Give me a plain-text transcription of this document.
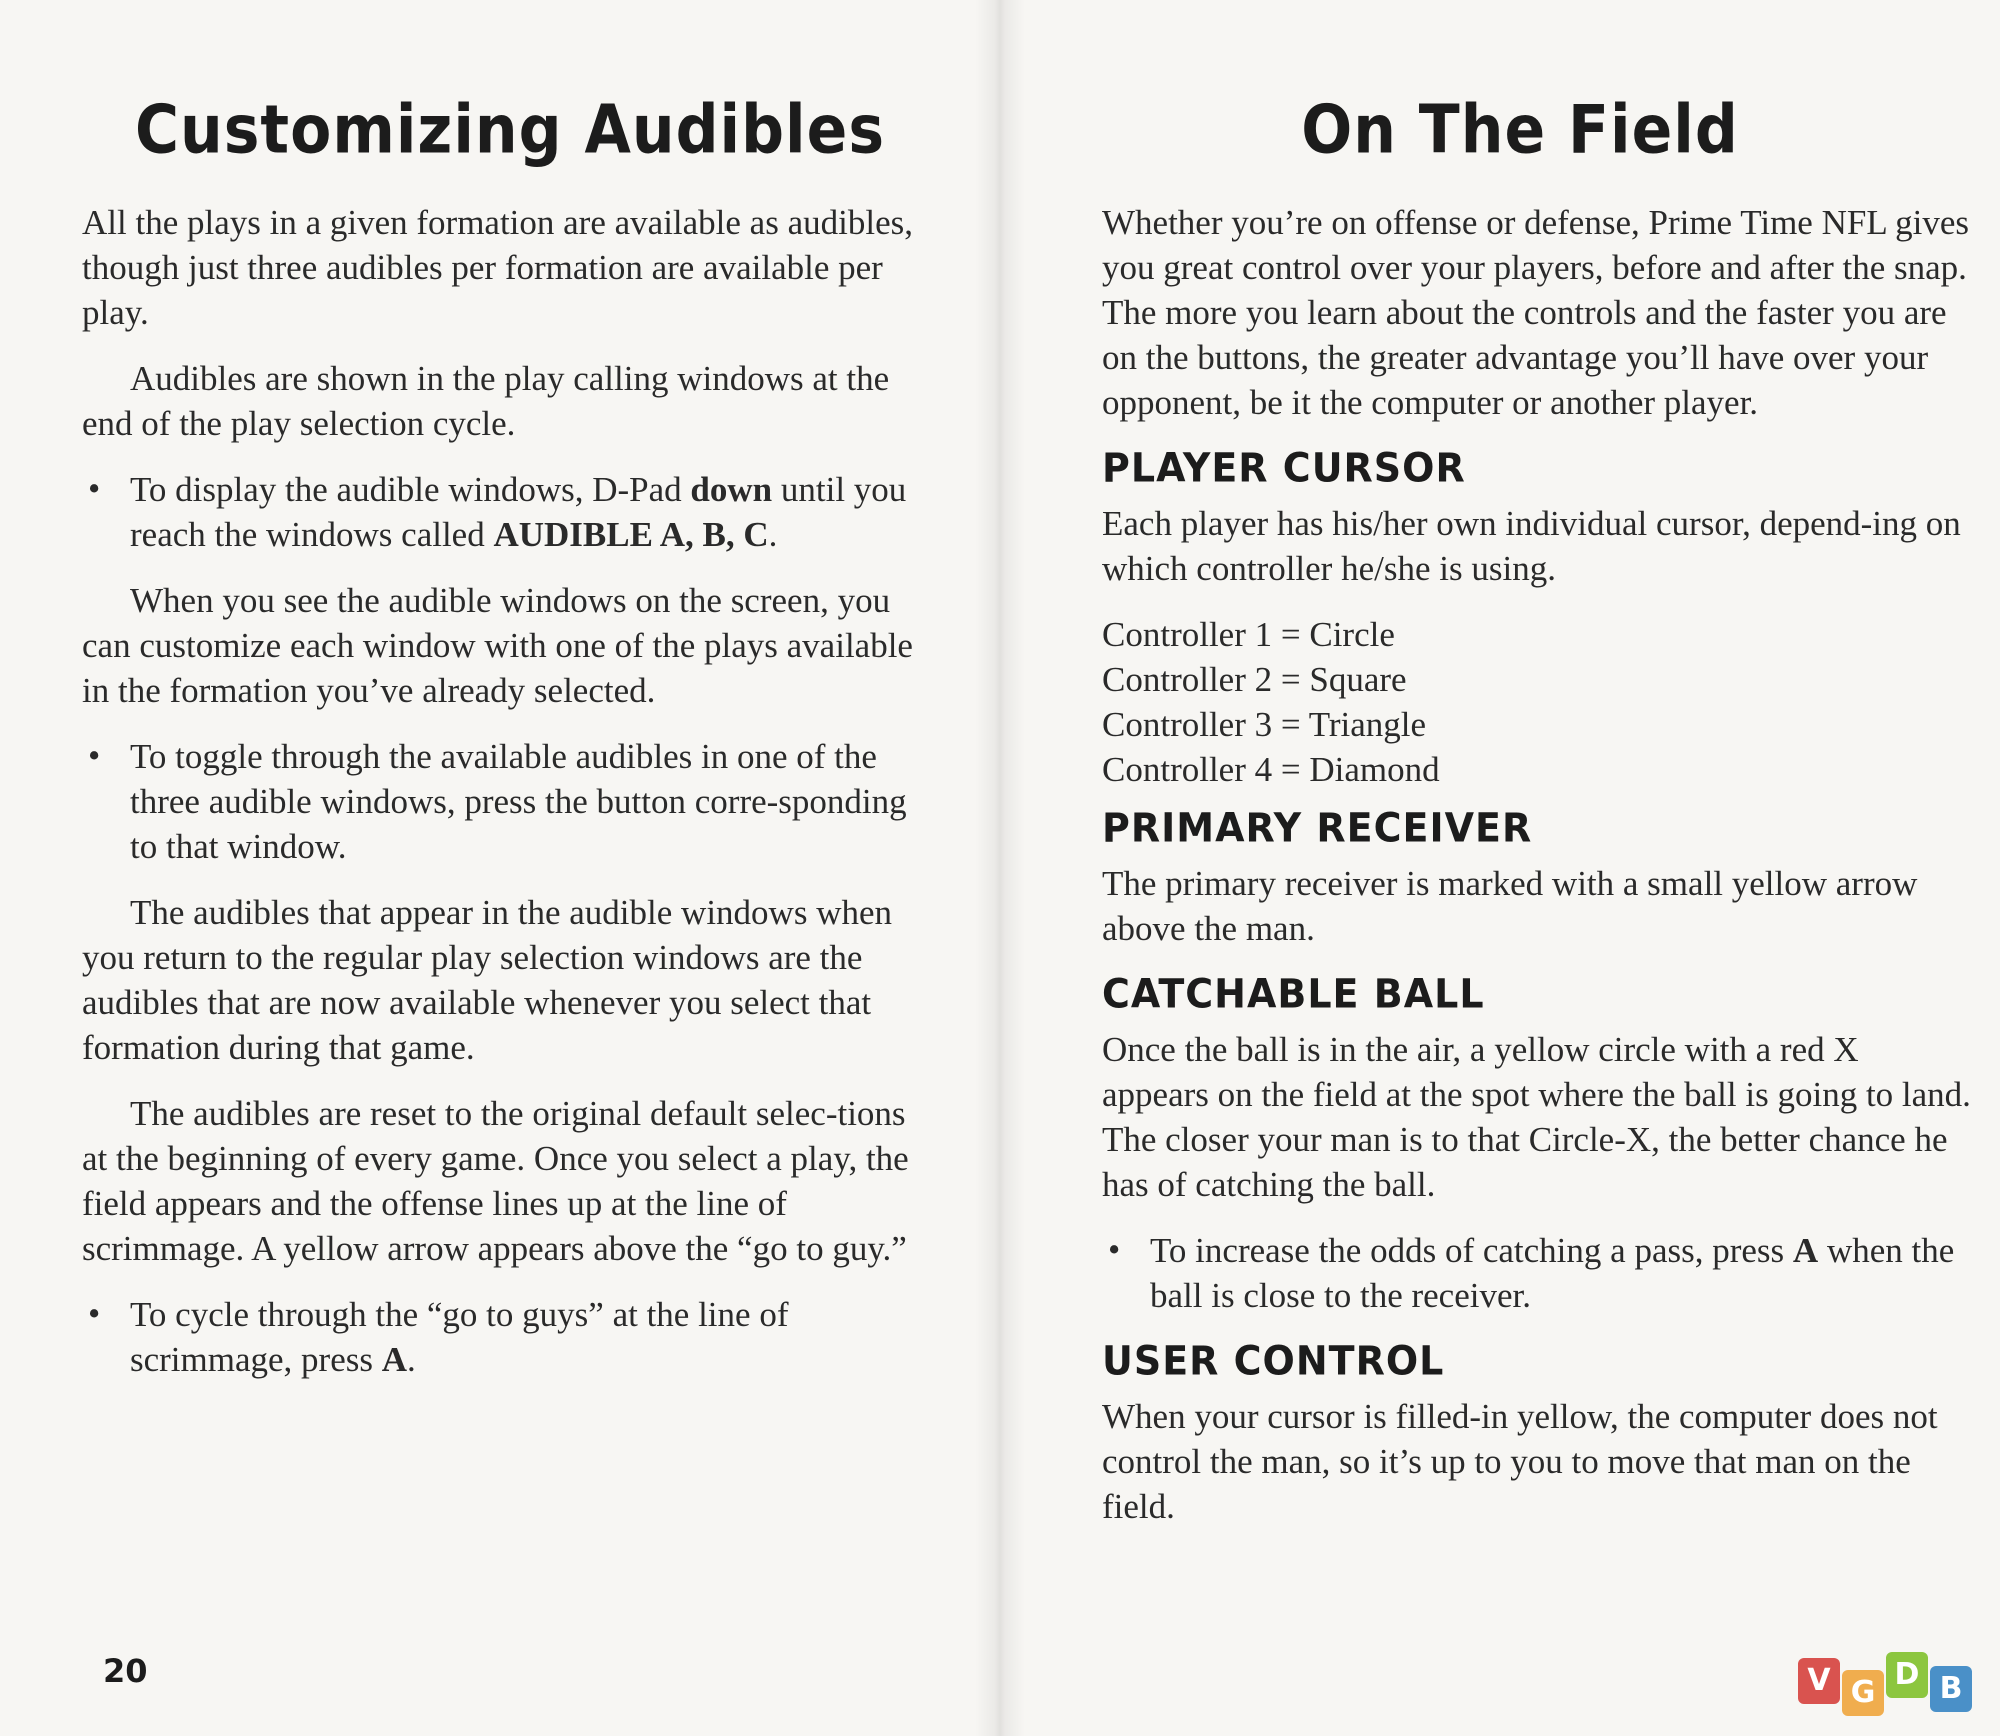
Customizing Audibles

All the plays in a given formation are available as audibles, though just three audibles per formation are available per play.

Audibles are shown in the play calling windows at the end of the play selection cycle.

• To display the audible windows, D-Pad down until you reach the windows called AUDIBLE A, B, C.

When you see the audible windows on the screen, you can customize each window with one of the plays available in the formation you’ve already selected.

• To toggle through the available audibles in one of the three audible windows, press the button corre-sponding to that window.

The audibles that appear in the audible windows when you return to the regular play selection windows are the audibles that are now available whenever you select that formation during that game.

The audibles are reset to the original default selec-tions at the beginning of every game. Once you select a play, the field appears and the offense lines up at the line of scrimmage. A yellow arrow appears above the “go to guy.”

• To cycle through the “go to guys” at the line of scrimmage, press A.
20
On The Field

Whether you’re on offense or defense, Prime Time NFL gives you great control over your players, before and after the snap. The more you learn about the controls and the faster you are on the buttons, the greater advantage you’ll have over your opponent, be it the computer or another player.

PLAYER CURSOR

Each player has his/her own individual cursor, depend-ing on which controller he/she is using.

Controller 1 = Circle
Controller 2 = Square
Controller 3 = Triangle
Controller 4 = Diamond
PRIMARY RECEIVER

The primary receiver is marked with a small yellow arrow above the man.

CATCHABLE BALL

Once the ball is in the air, a yellow circle with a red X appears on the field at the spot where the ball is going to land. The closer your man is to that Circle-X, the better chance he has of catching the ball.

• To increase the odds of catching a pass, press A when the ball is close to the receiver.
USER CONTROL

When your cursor is filled-in yellow, the computer does not control the man, so it’s up to you to move that man on the field.

V G
D B
